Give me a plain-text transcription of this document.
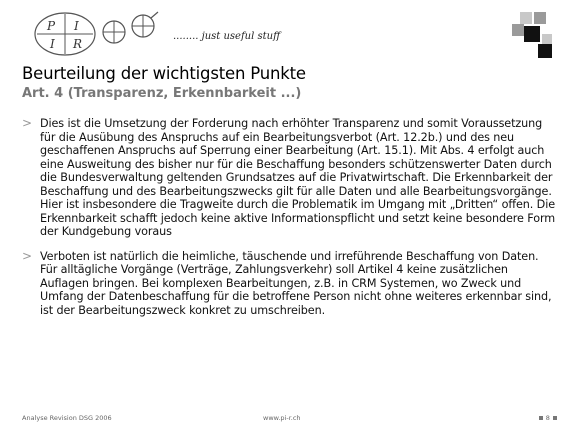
P I
I R
........ just useful stuff
Beurteilung der wichtigsten Punkte
Art. 4 (Transparenz, Erkennbarkeit ...)
> Dies ist die Umsetzung der Forderung nach erhöhter Transparenz und somit Voraussetzung für die Ausübung des Anspruchs auf ein Bearbeitungsverbot (Art. 12.2b.) und des neu geschaffenen Anspruchs auf Sperrung einer Bearbeitung (Art. 15.1). Mit Abs. 4 erfolgt auch eine Ausweitung des bisher nur für die Beschaffung besonders schützenswerter Daten durch die Bundesverwaltung geltenden Grundsatzes auf die Privatwirtschaft. Die Erkennbarkeit der Beschaffung und des Bearbeitungszwecks gilt für alle Daten und alle Bearbeitungsvorgänge. Hier ist insbesondere die Tragweite durch die Problematik im Umgang mit „Dritten“ offen. Die Erkennbarkeit schafft jedoch keine aktive Informationspflicht und setzt keine besondere Form der Kundgebung voraus
> Verboten ist natürlich die heimliche, täuschende und irreführende Beschaffung von Daten. Für alltägliche Vorgänge (Verträge, Zahlungsverkehr) soll Artikel 4 keine zusätzlichen Auflagen bringen. Bei komplexen Bearbeitungen, z.B. in CRM Systemen, wo Zweck und Umfang der Datenbeschaffung für die betroffene Person nicht ohne weiteres erkennbar sind, ist der Bearbeitungszweck konkret zu umschreiben.
Analyse Revision DSG 2006	www.pi-r.ch	8
